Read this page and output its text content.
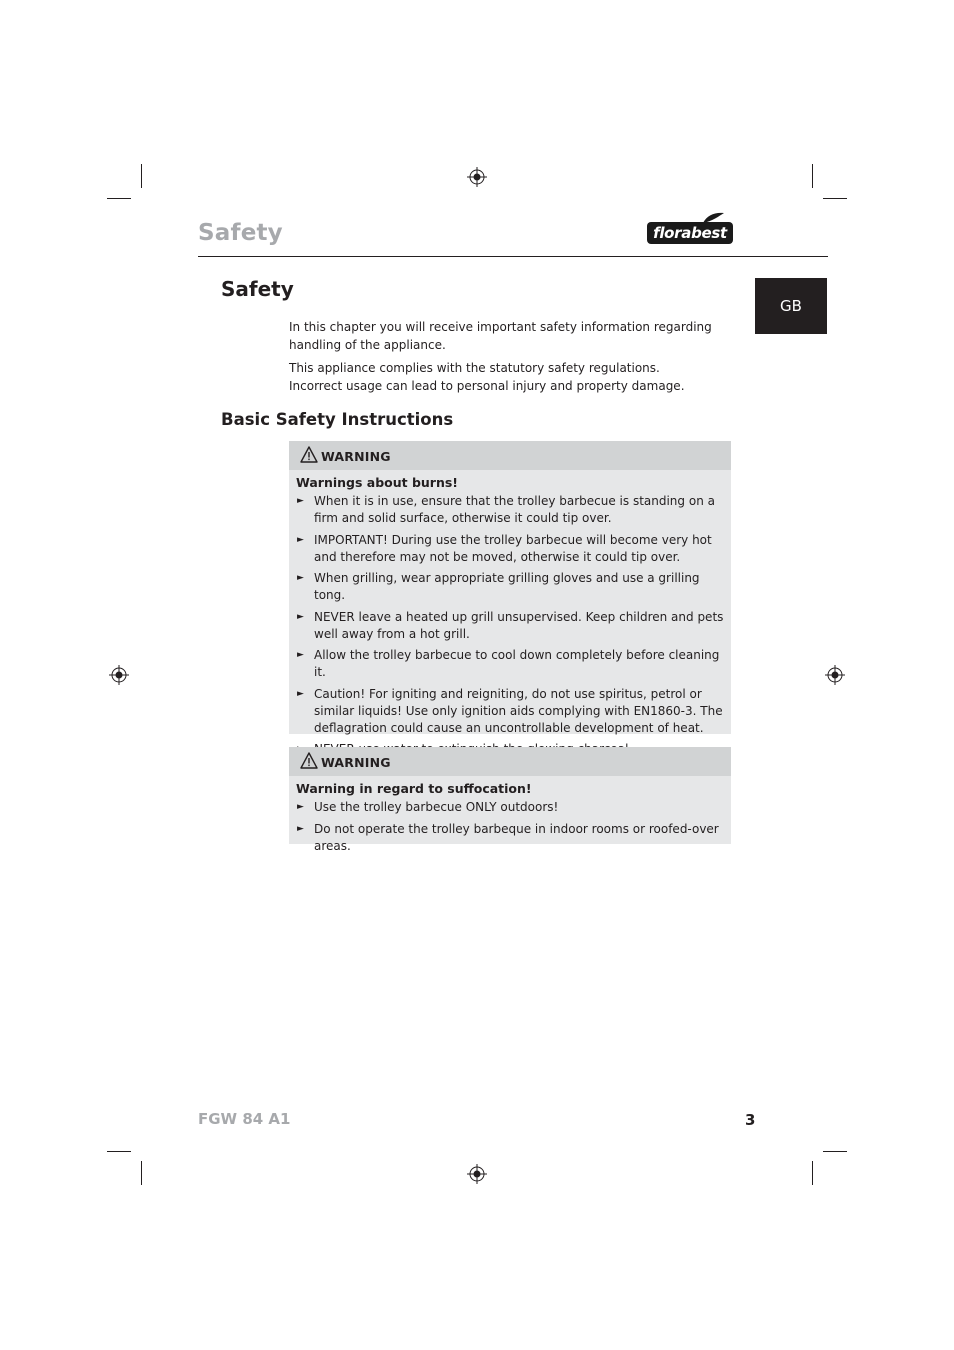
Safety	florabest
GB
Safety

In this chapter you will receive important safety information regarding handling of the appliance.

This appliance complies with the statutory safety regulations.

Incorrect usage can lead to personal injury and property damage.

Basic Safety Instructions
WARNING
Warnings about burns!
► When it is in use, ensure that the trolley barbecue is standing on a firm and solid surface, otherwise it could tip over.
► IMPORTANT! During use the trolley barbecue will become very hot and therefore may not be moved, otherwise it could tip over.
► When grilling, wear appropriate grilling gloves and use a grilling tong.
► NEVER leave a heated up grill unsupervised. Keep children and pets well away from a hot grill.
► Allow the trolley barbecue to cool down completely before cleaning it.
► Caution! For igniting and reigniting, do not use spiritus, petrol or similar liquids! Use only ignition aids complying with EN1860-3. The deflagration could cause an uncontrollable development of heat.
WARNING
Warning in regard to suffocation!
► Use the trolley barbecue ONLY outdoors!
► Do not operate the trolley barbeque in indoor rooms or roofed-over areas.
FGW 84 A1	3
